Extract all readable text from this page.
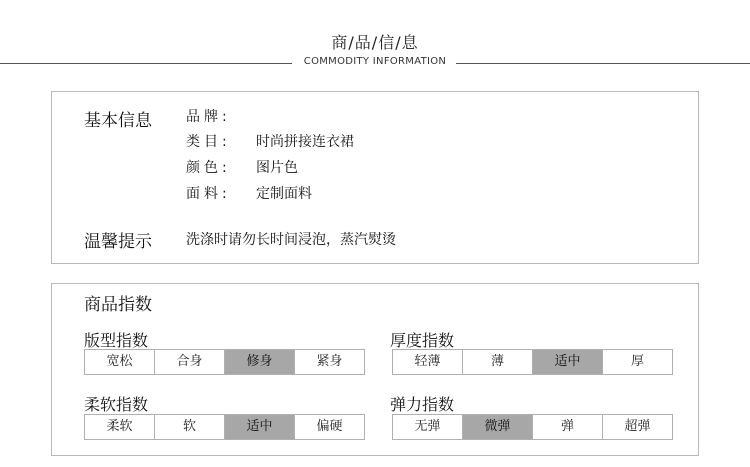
商/品/信/息
COMMODITY INFORMATION
基本信息 品牌:
类目: 时尚拼接连衣裙
颜色: 图片色
面料: 定制面料
温馨提示 洗涤时请勿长时间浸泡，蒸汽熨烫
商品指数
版型指数
宽松	合身	修身	紧身
厚度指数
轻薄	薄	适中	厚
柔软指数
柔软	软	适中	偏硬
弹力指数
无弹	微弹	弹	超弹
